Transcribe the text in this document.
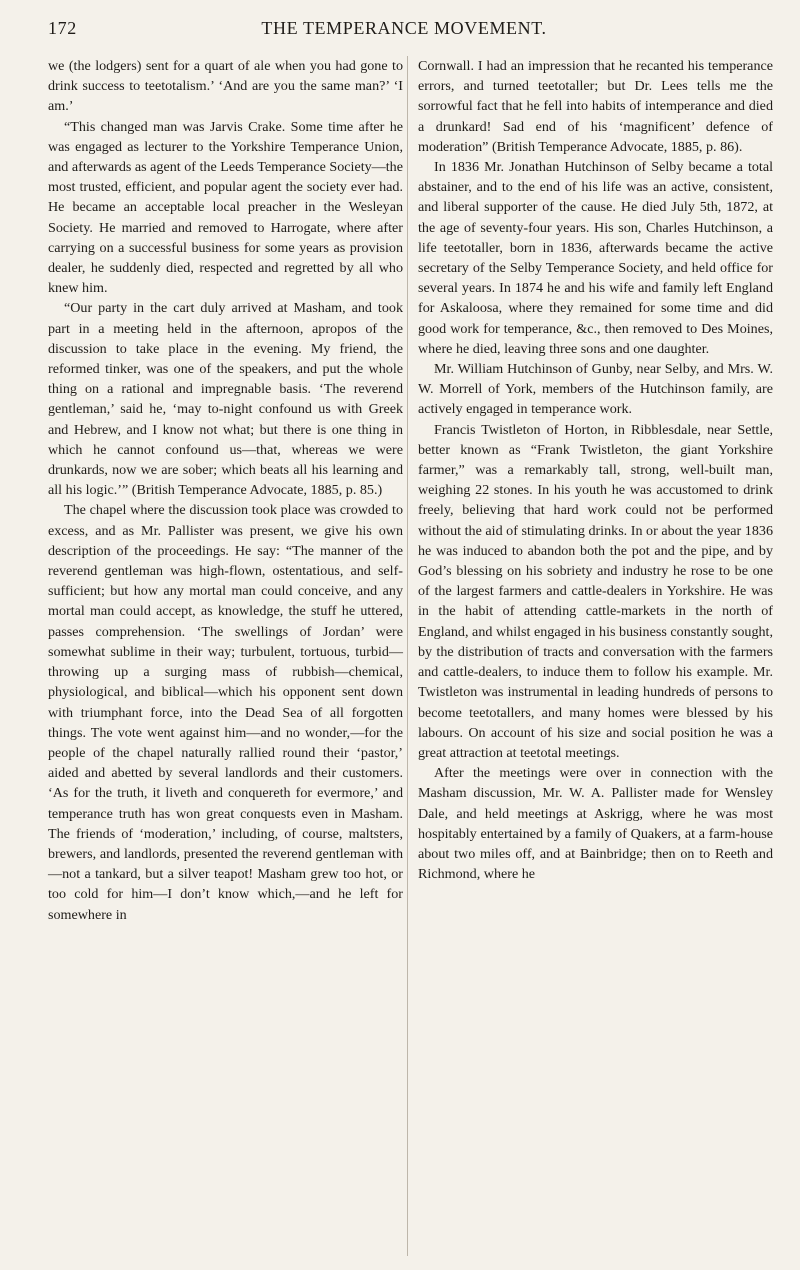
172	THE TEMPERANCE MOVEMENT.

we (the lodgers) sent for a quart of ale when you had gone to drink success to teetotalism.’ ‘And are you the same man?’ ‘I am.’

“This changed man was Jarvis Crake. Some time after he was engaged as lecturer to the Yorkshire Temperance Union, and afterwards as agent of the Leeds Temperance Society—the most trusted, efficient, and popular agent the society ever had. He became an acceptable local preacher in the Wesleyan Society. He married and removed to Harrogate, where after carrying on a successful business for some years as provision dealer, he suddenly died, respected and regretted by all who knew him.

“Our party in the cart duly arrived at Masham, and took part in a meeting held in the afternoon, apropos of the discussion to take place in the evening. My friend, the reformed tinker, was one of the speakers, and put the whole thing on a rational and impregnable basis. ‘The reverend gentleman,’ said he, ‘may to-night confound us with Greek and Hebrew, and I know not what; but there is one thing in which he cannot confound us—that, whereas we were drunkards, now we are sober; which beats all his learning and all his logic.’” (British Temperance Advocate, 1885, p. 85.)

The chapel where the discussion took place was crowded to excess, and as Mr. Pallister was present, we give his own description of the proceedings. He say: “The manner of the reverend gentleman was high-flown, ostentatious, and self-sufficient; but how any mortal man could conceive, and any mortal man could accept, as knowledge, the stuff he uttered, passes comprehension. ‘The swellings of Jordan’ were somewhat sublime in their way; turbulent, tortuous, turbid—throwing up a surging mass of rubbish—chemical, physiological, and biblical—which his opponent sent down with triumphant force, into the Dead Sea of all forgotten things. The vote went against him—and no wonder,—for the people of the chapel naturally rallied round their ‘pastor,’ aided and abetted by several landlords and their customers. ‘As for the truth, it liveth and conquereth for evermore,’ and temperance truth has won great conquests even in Masham. The friends of ‘moderation,’ including, of course, maltsters, brewers, and landlords, presented the reverend gentleman with—not a tankard, but a silver teapot! Masham grew too hot, or too cold for him—I don’t know which,—and he left for somewhere in

Cornwall. I had an impression that he recanted his temperance errors, and turned teetotaller; but Dr. Lees tells me the sorrowful fact that he fell into habits of intemperance and died a drunkard! Sad end of his ‘magnificent’ defence of moderation” (British Temperance Advocate, 1885, p. 86).

In 1836 Mr. Jonathan Hutchinson of Selby became a total abstainer, and to the end of his life was an active, consistent, and liberal supporter of the cause. He died July 5th, 1872, at the age of seventy-four years. His son, Charles Hutchinson, a life teetotaller, born in 1836, afterwards became the active secretary of the Selby Temperance Society, and held office for several years. In 1874 he and his wife and family left England for Askaloosa, where they remained for some time and did good work for temperance, &c., then removed to Des Moines, where he died, leaving three sons and one daughter.

Mr. William Hutchinson of Gunby, near Selby, and Mrs. W. W. Morrell of York, members of the Hutchinson family, are actively engaged in temperance work.

Francis Twistleton of Horton, in Ribblesdale, near Settle, better known as “Frank Twistleton, the giant Yorkshire farmer,” was a remarkably tall, strong, well-built man, weighing 22 stones. In his youth he was accustomed to drink freely, believing that hard work could not be performed without the aid of stimulating drinks. In or about the year 1836 he was induced to abandon both the pot and the pipe, and by God’s blessing on his sobriety and industry he rose to be one of the largest farmers and cattle-dealers in Yorkshire. He was in the habit of attending cattle-markets in the north of England, and whilst engaged in his business constantly sought, by the distribution of tracts and conversation with the farmers and cattle-dealers, to induce them to follow his example. Mr. Twistleton was instrumental in leading hundreds of persons to become teetotallers, and many homes were blessed by his labours. On account of his size and social position he was a great attraction at teetotal meetings.

After the meetings were over in connection with the Masham discussion, Mr. W. A. Pallister made for Wensley Dale, and held meetings at Askrigg, where he was most hospitably entertained by a family of Quakers, at a farm-house about two miles off, and at Bainbridge; then on to Reeth and Richmond, where he
